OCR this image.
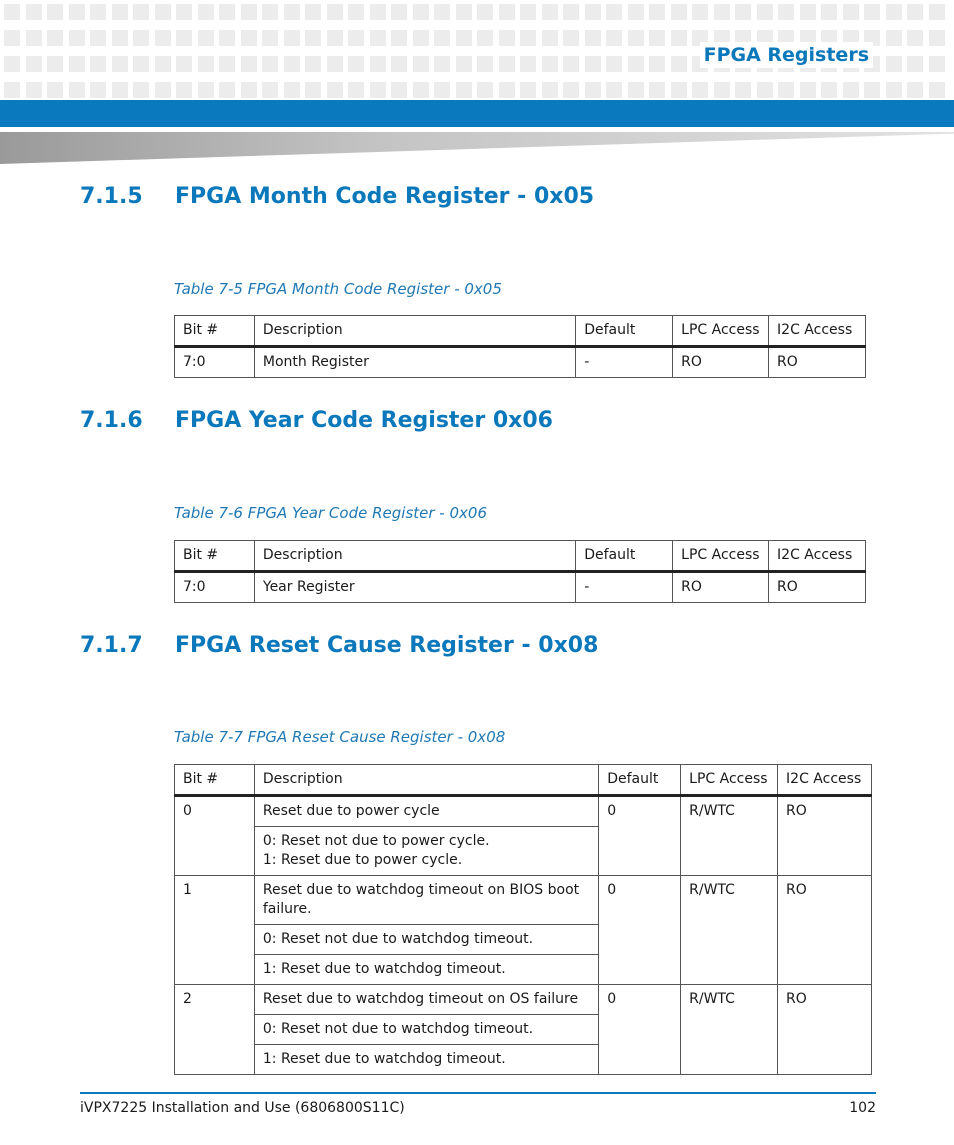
FPGA Registers
7.1.5 FPGA Month Code Register - 0x05

Table 7-5 FPGA Month Code Register - 0x05

Bit #	Description	Default	LPC Access	I2C Access
7:0	Month Register	-	RO	RO
7.1.6 FPGA Year Code Register 0x06

Table 7-6 FPGA Year Code Register - 0x06

Bit #	Description	Default	LPC Access	I2C Access
7:0	Year Register	-	RO	RO
7.1.7 FPGA Reset Cause Register - 0x08

Table 7-7 FPGA Reset Cause Register - 0x08

Bit #	Description	Default	LPC Access	I2C Access
0	Reset due to power cycle	0	R/WTC	RO
	0: Reset not due to power cycle.
1: Reset due to power cycle.			
1	Reset due to watchdog timeout on BIOS boot failure.	0	R/WTC	RO
	0: Reset not due to watchdog timeout.			
	1: Reset due to watchdog timeout.			
2	Reset due to watchdog timeout on OS failure	0	R/WTC	RO
	0: Reset not due to watchdog timeout.			
	1: Reset due to watchdog timeout.			
iVPX7225 Installation and Use (6806800S11C)	102
